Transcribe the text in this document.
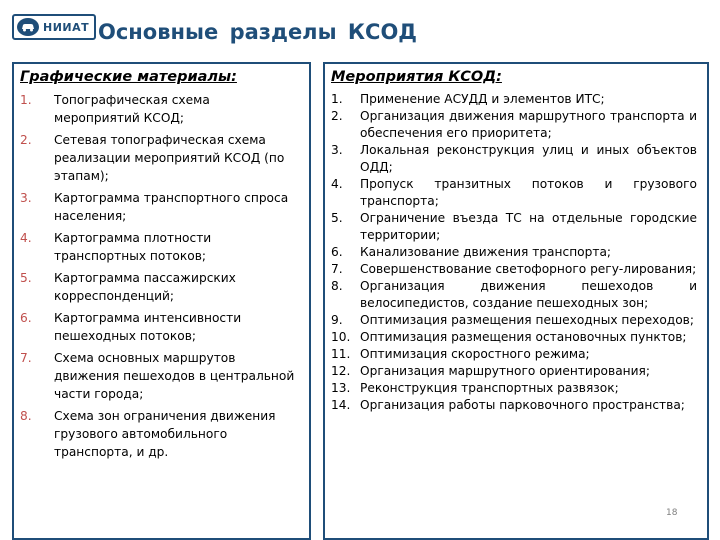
НИИАТ Основные разделы КСОД
Графические материалы:
1.	Топографическая схема мероприятий КСОД;
2.	Сетевая топографическая схема реализации мероприятий КСОД (по этапам);
3.	Картограмма транспортного спроса населения;
4.	Картограмма плотности транспортных потоков;
5.	Картограмма пассажирских корреспонденций;
6.	Картограмма интенсивности пешеходных потоков;
7.	Схема основных маршрутов движения пешеходов в центральной части города;
8.	Схема зон ограничения движения грузового автомобильного транспорта, и др.
Мероприятия КСОД:
1.	Применение АСУДД и элементов ИТС;
2.	Организация движения маршрутного транспорта и обеспечения его приоритета;
3.	Локальная реконструкция улиц и иных объектов ОДД;
4.	Пропуск транзитных потоков и грузового транспорта;
5.	Ограничение въезда ТС на отдельные городские территории;
6.	Канализование движения транспорта;
7.	Совершенствование светофорного регу-лирования;
8.	Организация движения пешеходов и велосипедистов, создание пешеходных зон;
9.	Оптимизация размещения пешеходных переходов;
10. Оптимизация размещения остановочных пунктов;
11. Оптимизация скоростного режима;
12. Организация маршрутного ориентирования;
13. Реконструкция транспортных развязок;
14. Организация работы парковочного пространства;
18
